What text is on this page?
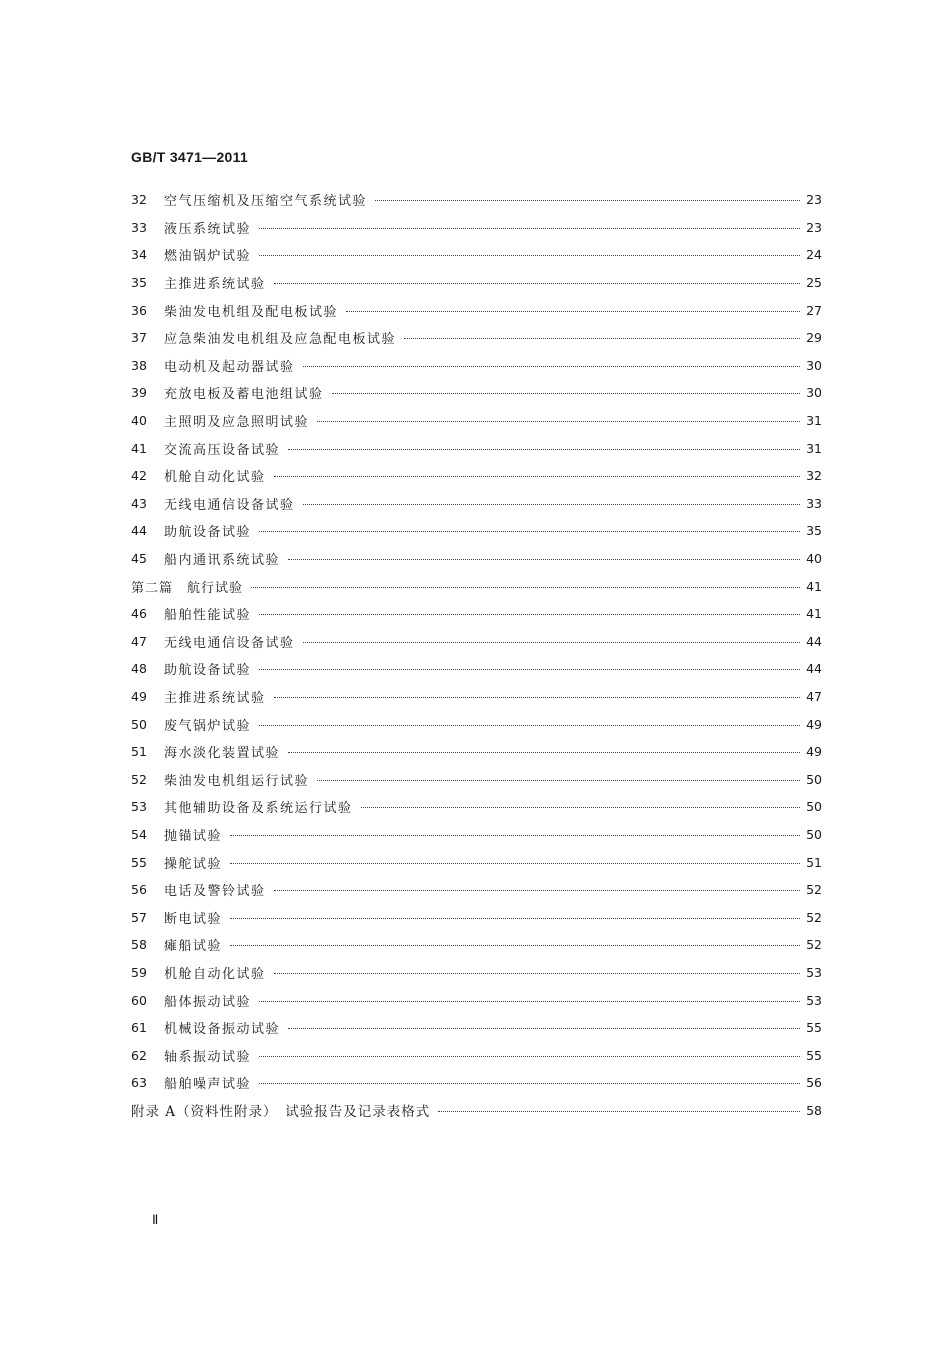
GB/T 3471—2011
32	空气压缩机及压缩空气系统试验	23
33	液压系统试验	23
34	燃油锅炉试验	24
35	主推进系统试验	25
36	柴油发电机组及配电板试验	27
37	应急柴油发电机组及应急配电板试验	29
38	电动机及起动器试验	30
39	充放电板及蓄电池组试验	30
40	主照明及应急照明试验	31
41	交流高压设备试验	31
42	机舱自动化试验	32
43	无线电通信设备试验	33
44	助航设备试验	35
45	船内通讯系统试验	40
第二篇　航行试验	41
46	船舶性能试验	41
47	无线电通信设备试验	44
48	助航设备试验	44
49	主推进系统试验	47
50	废气锅炉试验	49
51	海水淡化装置试验	49
52	柴油发电机组运行试验	50
53	其他辅助设备及系统运行试验	50
54	抛锚试验	50
55	操舵试验	51
56	电话及警铃试验	52
57	断电试验	52
58	瘫船试验	52
59	机舱自动化试验	53
60	船体振动试验	53
61	机械设备振动试验	55
62	轴系振动试验	55
63	船舶噪声试验	56
附录 A（资料性附录）　试验报告及记录表格式	58
Ⅱ
